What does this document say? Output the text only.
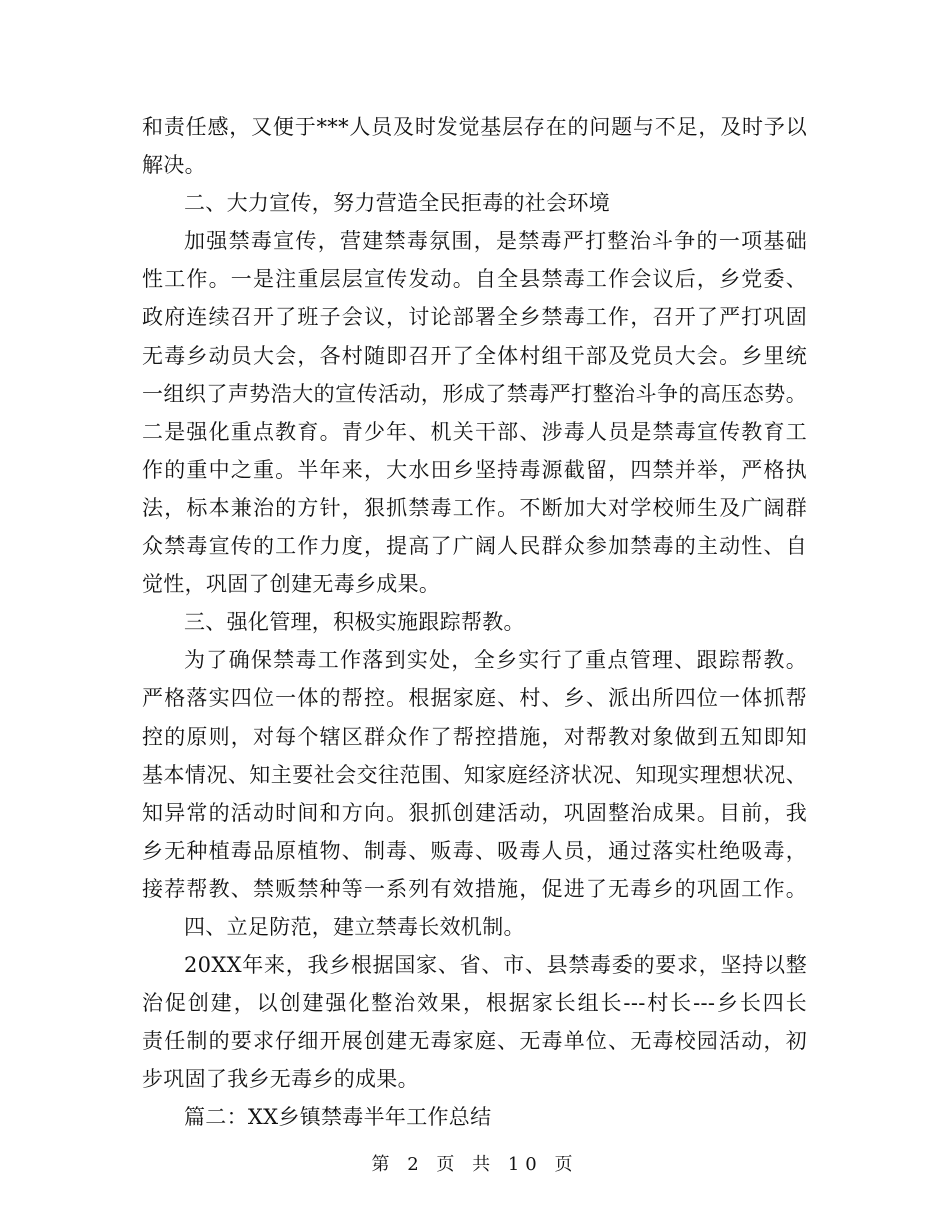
和责任感，又便于***人员及时发觉基层存在的问题与不足，及时予以
解决。
二、大力宣传，努力营造全民拒毒的社会环境
加强禁毒宣传，营建禁毒氛围，是禁毒严打整治斗争的一项基础
性工作。一是注重层层宣传发动。自全县禁毒工作会议后，乡党委、
政府连续召开了班子会议，讨论部署全乡禁毒工作，召开了严打巩固
无毒乡动员大会，各村随即召开了全体村组干部及党员大会。乡里统
一组织了声势浩大的宣传活动，形成了禁毒严打整治斗争的高压态势。
二是强化重点教育。青少年、机关干部、涉毒人员是禁毒宣传教育工
作的重中之重。半年来，大水田乡坚持毒源截留，四禁并举，严格执
法，标本兼治的方针，狠抓禁毒工作。不断加大对学校师生及广阔群
众禁毒宣传的工作力度，提高了广阔人民群众参加禁毒的主动性、自
觉性，巩固了创建无毒乡成果。
三、强化管理，积极实施跟踪帮教。
为了确保禁毒工作落到实处，全乡实行了重点管理、跟踪帮教。
严格落实四位一体的帮控。根据家庭、村、乡、派出所四位一体抓帮
控的原则，对每个辖区群众作了帮控措施，对帮教对象做到五知即知
基本情况、知主要社会交往范围、知家庭经济状况、知现实理想状况、
知异常的活动时间和方向。狠抓创建活动，巩固整治成果。目前，我
乡无种植毒品原植物、制毒、贩毒、吸毒人员，通过落实杜绝吸毒，
接荐帮教、禁贩禁种等一系列有效措施，促进了无毒乡的巩固工作。
四、立足防范，建立禁毒长效机制。
20XX年来，我乡根据国家、省、市、县禁毒委的要求，坚持以整
治促创建，以创建强化整治效果，根据家长组长---村长---乡长四长
责任制的要求仔细开展创建无毒家庭、无毒单位、无毒校园活动，初
步巩固了我乡无毒乡的成果。
篇二：XX乡镇禁毒半年工作总结
第 2 页 共 10 页
